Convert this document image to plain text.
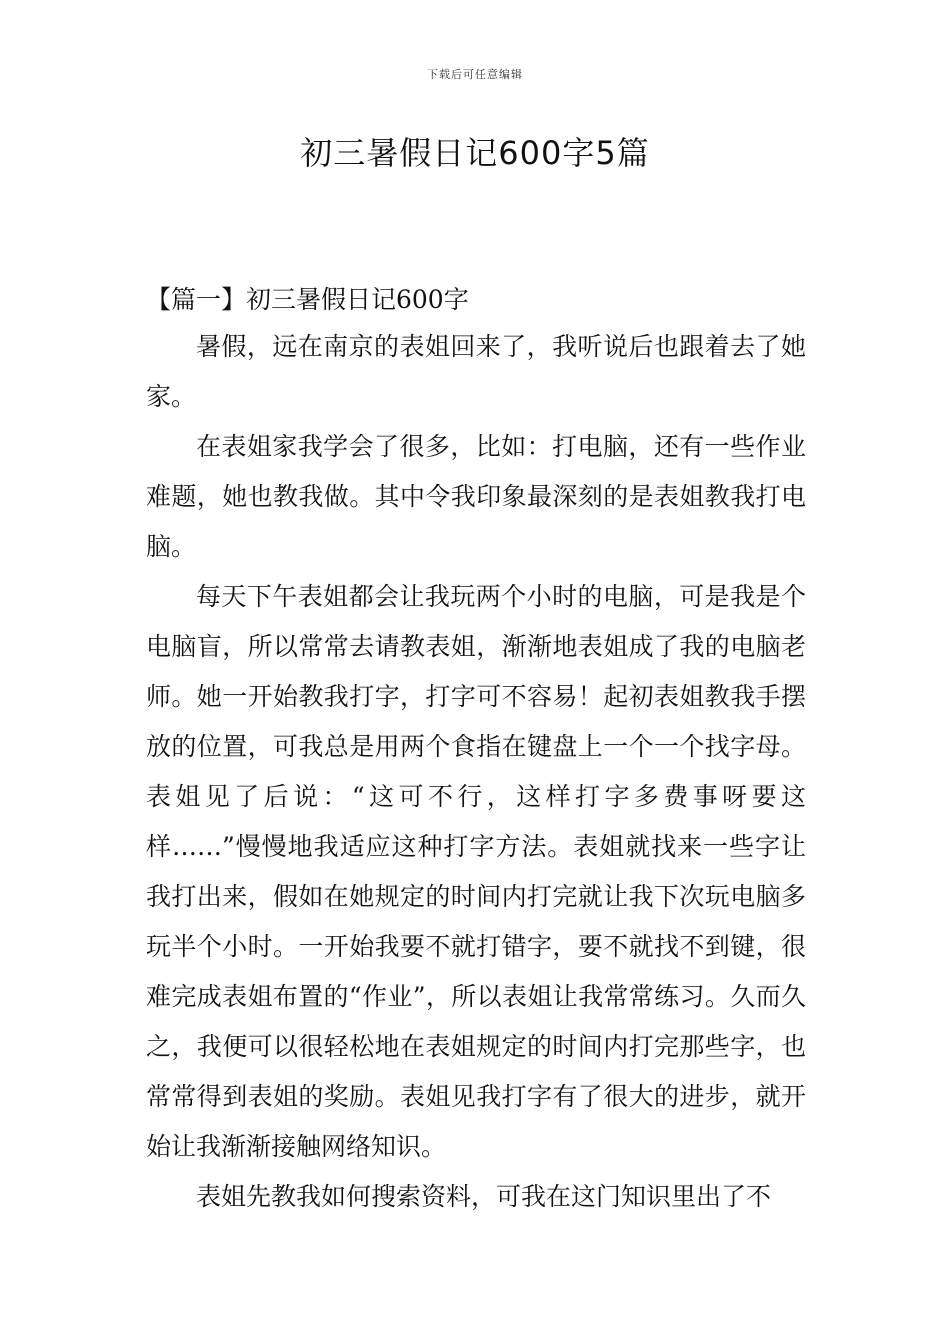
下载后可任意编辑
初三暑假日记600字5篇
【篇一】初三暑假日记600字

暑假，远在南京的表姐回来了，我听说后也跟着去了她家。

在表姐家我学会了很多，比如：打电脑，还有一些作业难题，她也教我做。其中令我印象最深刻的是表姐教我打电脑。

每天下午表姐都会让我玩两个小时的电脑，可是我是个电脑盲，所以常常去请教表姐，渐渐地表姐成了我的电脑老师。她一开始教我打字，打字可不容易！起初表姐教我手摆放的位置，可我总是用两个食指在键盘上一个一个找字母。表姐见了后说：“这可不行，这样打字多费事呀要这样……”慢慢地我适应这种打字方法。表姐就找来一些字让我打出来，假如在她规定的时间内打完就让我下次玩电脑多玩半个小时。一开始我要不就打错字，要不就找不到键，很难完成表姐布置的“作业”，所以表姐让我常常练习。久而久之，我便可以很轻松地在表姐规定的时间内打完那些字，也常常得到表姐的奖励。表姐见我打字有了很大的进步，就开始让我渐渐接触网络知识。

表姐先教我如何搜索资料，可我在这门知识里出了不
